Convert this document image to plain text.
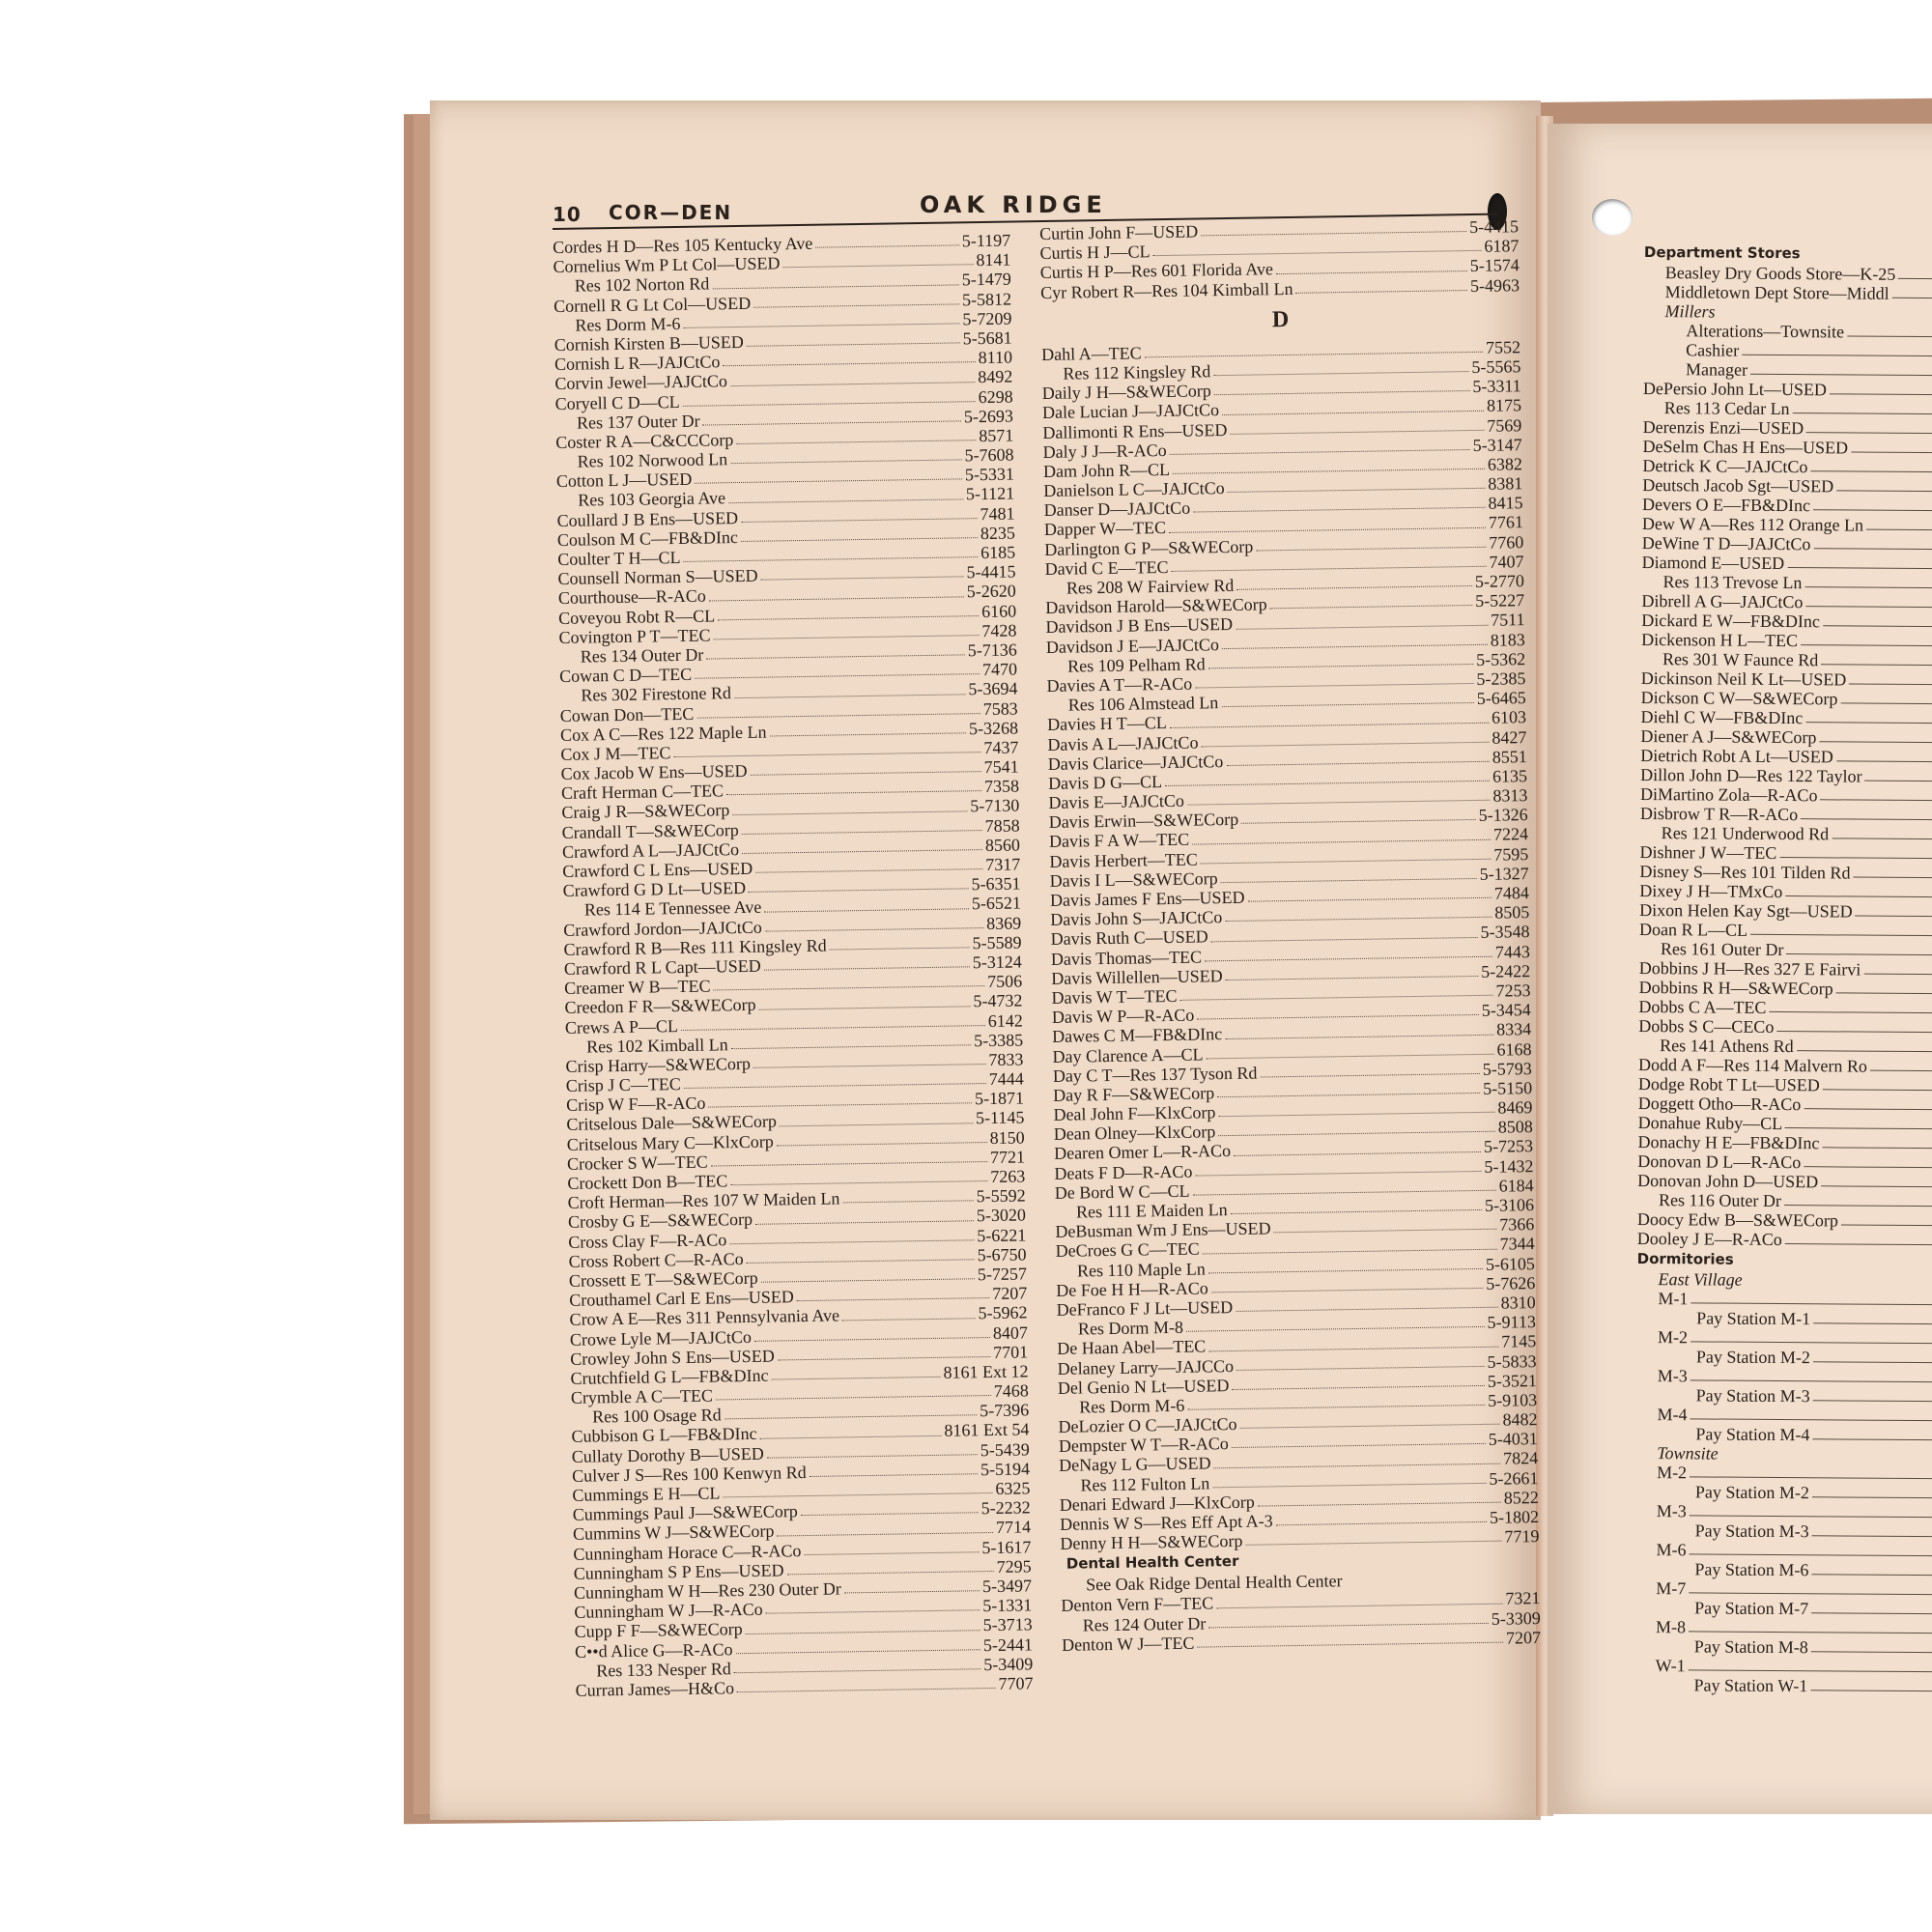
10 COR—DEN	OAK RIDGE
Cordes H D—Res 105 Kentucky Ave	5-1197
Cornelius Wm P Lt Col—USED	8141
Res 102 Norton Rd	5-1479
Cornell R G Lt Col—USED	5-5812
Res Dorm M-6	5-7209
Cornish Kirsten B—USED	5-5681
Cornish L R—JAJCtCo	8110
Corvin Jewel—JAJCtCo	8492
Coryell C D—CL	6298
Res 137 Outer Dr	5-2693
Coster R A—C&CCCorp	8571
Res 102 Norwood Ln	5-7608
Cotton L J—USED	5-5331
Res 103 Georgia Ave	5-1121
Coullard J B Ens—USED	7481
Coulson M C—FB&DInc	8235
Coulter T H—CL	6185
Counsell Norman S—USED	5-4415
Courthouse—R-ACo	5-2620
Coveyou Robt R—CL	6160
Covington P T—TEC	7428
Res 134 Outer Dr	5-7136
Cowan C D—TEC	7470
Res 302 Firestone Rd	5-3694
Cowan Don—TEC	7583
Cox A C—Res 122 Maple Ln	5-3268
Cox J M—TEC	7437
Cox Jacob W Ens—USED	7541
Craft Herman C—TEC	7358
Craig J R—S&WECorp	5-7130
Crandall T—S&WECorp	7858
Crawford A L—JAJCtCo	8560
Crawford C L Ens—USED	7317
Crawford G D Lt—USED	5-6351
Res 114 E Tennessee Ave	5-6521
Crawford Jordon—JAJCtCo	8369
Crawford R B—Res 111 Kingsley Rd	5-5589
Crawford R L Capt—USED	5-3124
Creamer W B—TEC	7506
Creedon F R—S&WECorp	5-4732
Crews A P—CL	6142
Res 102 Kimball Ln	5-3385
Crisp Harry—S&WECorp	7833
Crisp J C—TEC	7444
Crisp W F—R-ACo	5-1871
Critselous Dale—S&WECorp	5-1145
Critselous Mary C—KlxCorp	8150
Crocker S W—TEC	7721
Crockett Don B—TEC	7263
Croft Herman—Res 107 W Maiden Ln	5-5592
Crosby G E—S&WECorp	5-3020
Cross Clay F—R-ACo	5-6221
Cross Robert C—R-ACo	5-6750
Crossett E T—S&WECorp	5-7257
Crouthamel Carl E Ens—USED	7207
Crow A E—Res 311 Pennsylvania Ave	5-5962
Crowe Lyle M—JAJCtCo	8407
Crowley John S Ens—USED	7701
Crutchfield G L—FB&DInc	8161 Ext 12
Crymble A C—TEC	7468
Res 100 Osage Rd	5-7396
Cubbison G L—FB&DInc	8161 Ext 54
Cullaty Dorothy B—USED	5-5439
Culver J S—Res 100 Kenwyn Rd	5-5194
Cummings E H—CL	6325
Cummings Paul J—S&WECorp	5-2232
Cummins W J—S&WECorp	7714
Cunningham Horace C—R-ACo	5-1617
Cunningham S P Ens—USED	7295
Cunningham W H—Res 230 Outer Dr	5-3497
Cunningham W J—R-ACo	5-1331
Cupp F F—S&WECorp	5-3713
C••d Alice G—R-ACo	5-2441
Res 133 Nesper Rd	5-3409
Curran James—H&Co	7707
Curtin John F—USED	5-4415
Curtis H J—CL	6187
Curtis H P—Res 601 Florida Ave	5-1574
Cyr Robert R—Res 104 Kimball Ln	5-4963
D
Dahl A—TEC	7552
Res 112 Kingsley Rd	5-5565
Daily J H—S&WECorp	5-3311
Dale Lucian J—JAJCtCo	8175
Dallimonti R Ens—USED	7569
Daly J J—R-ACo	5-3147
Dam John R—CL	6382
Danielson L C—JAJCtCo	8381
Danser D—JAJCtCo	8415
Dapper W—TEC	7761
Darlington G P—S&WECorp	7760
David C E—TEC	7407
Res 208 W Fairview Rd	5-2770
Davidson Harold—S&WECorp	5-5227
Davidson J B Ens—USED	7511
Davidson J E—JAJCtCo	8183
Res 109 Pelham Rd	5-5362
Davies A T—R-ACo	5-2385
Res 106 Almstead Ln	5-6465
Davies H T—CL	6103
Davis A L—JAJCtCo	8427
Davis Clarice—JAJCtCo	8551
Davis D G—CL	6135
Davis E—JAJCtCo	8313
Davis Erwin—S&WECorp	5-1326
Davis F A W—TEC	7224
Davis Herbert—TEC	7595
Davis I L—S&WECorp	5-1327
Davis James F Ens—USED	7484
Davis John S—JAJCtCo	8505
Davis Ruth C—USED	5-3548
Davis Thomas—TEC	7443
Davis Willellen—USED	5-2422
Davis W T—TEC	7253
Davis W P—R-ACo	5-3454
Dawes C M—FB&DInc	8334
Day Clarence A—CL	6168
Day C T—Res 137 Tyson Rd	5-5793
Day R F—S&WECorp	5-5150
Deal John F—KlxCorp	8469
Dean Olney—KlxCorp	8508
Dearen Omer L—R-ACo	5-7253
Deats F D—R-ACo	5-1432
De Bord W C—CL	6184
Res 111 E Maiden Ln	5-3106
DeBusman Wm J Ens—USED	7366
DeCroes G C—TEC	7344
Res 110 Maple Ln	5-6105
De Foe H H—R-ACo	5-7626
DeFranco F J Lt—USED	8310
Res Dorm M-8	5-9113
De Haan Abel—TEC	7145
Delaney Larry—JAJCCo	5-5833
Del Genio N Lt—USED	5-3521
Res Dorm M-6	5-9103
DeLozier O C—JAJCtCo	8482
Dempster W T—R-ACo	5-4031
DeNagy L G—USED	7824
Res 112 Fulton Ln	5-2661
Denari Edward J—KlxCorp	8522
Dennis W S—Res Eff Apt A-3	5-1802
Denny H H—S&WECorp	7719
Dental Health Center
See Oak Ridge Dental Health Center
Denton Vern F—TEC	7321
Res 124 Outer Dr	5-3309
Denton W J—TEC	7207
Department Stores
Beasley Dry Goods Store—K-25
Middletown Dept Store—Middl
Millers
Alterations—Townsite
Cashier
Manager
DePersio John Lt—USED
Res 113 Cedar Ln
Derenzis Enzi—USED
DeSelm Chas H Ens—USED
Detrick K C—JAJCtCo
Deutsch Jacob Sgt—USED
Devers O E—FB&DInc
Dew W A—Res 112 Orange Ln
DeWine T D—JAJCtCo
Diamond E—USED
Res 113 Trevose Ln
Dibrell A G—JAJCtCo
Dickard E W—FB&DInc
Dickenson H L—TEC
Res 301 W Faunce Rd
Dickinson Neil K Lt—USED
Dickson C W—S&WECorp
Diehl C W—FB&DInc
Diener A J—S&WECorp
Dietrich Robt A Lt—USED
Dillon John D—Res 122 Taylor
DiMartino Zola—R-ACo
Disbrow T R—R-ACo
Res 121 Underwood Rd
Dishner J W—TEC
Disney S—Res 101 Tilden Rd
Dixey J H—TMxCo
Dixon Helen Kay Sgt—USED
Doan R L—CL
Res 161 Outer Dr
Dobbins J H—Res 327 E Fairvi
Dobbins R H—S&WECorp
Dobbs C A—TEC
Dobbs S C—CECo
Res 141 Athens Rd
Dodd A F—Res 114 Malvern Ro
Dodge Robt T Lt—USED
Doggett Otho—R-ACo
Donahue Ruby—CL
Donachy H E—FB&DInc
Donovan D L—R-ACo
Donovan John D—USED
Res 116 Outer Dr
Doocy Edw B—S&WECorp
Dooley J E—R-ACo
Dormitories
East Village
M-1
Pay Station M-1
M-2
Pay Station M-2
M-3
Pay Station M-3
M-4
Pay Station M-4
Townsite
M-2
Pay Station M-2
M-3
Pay Station M-3
M-6
Pay Station M-6
M-7
Pay Station M-7
M-8
Pay Station M-8
W-1
Pay Station W-1
